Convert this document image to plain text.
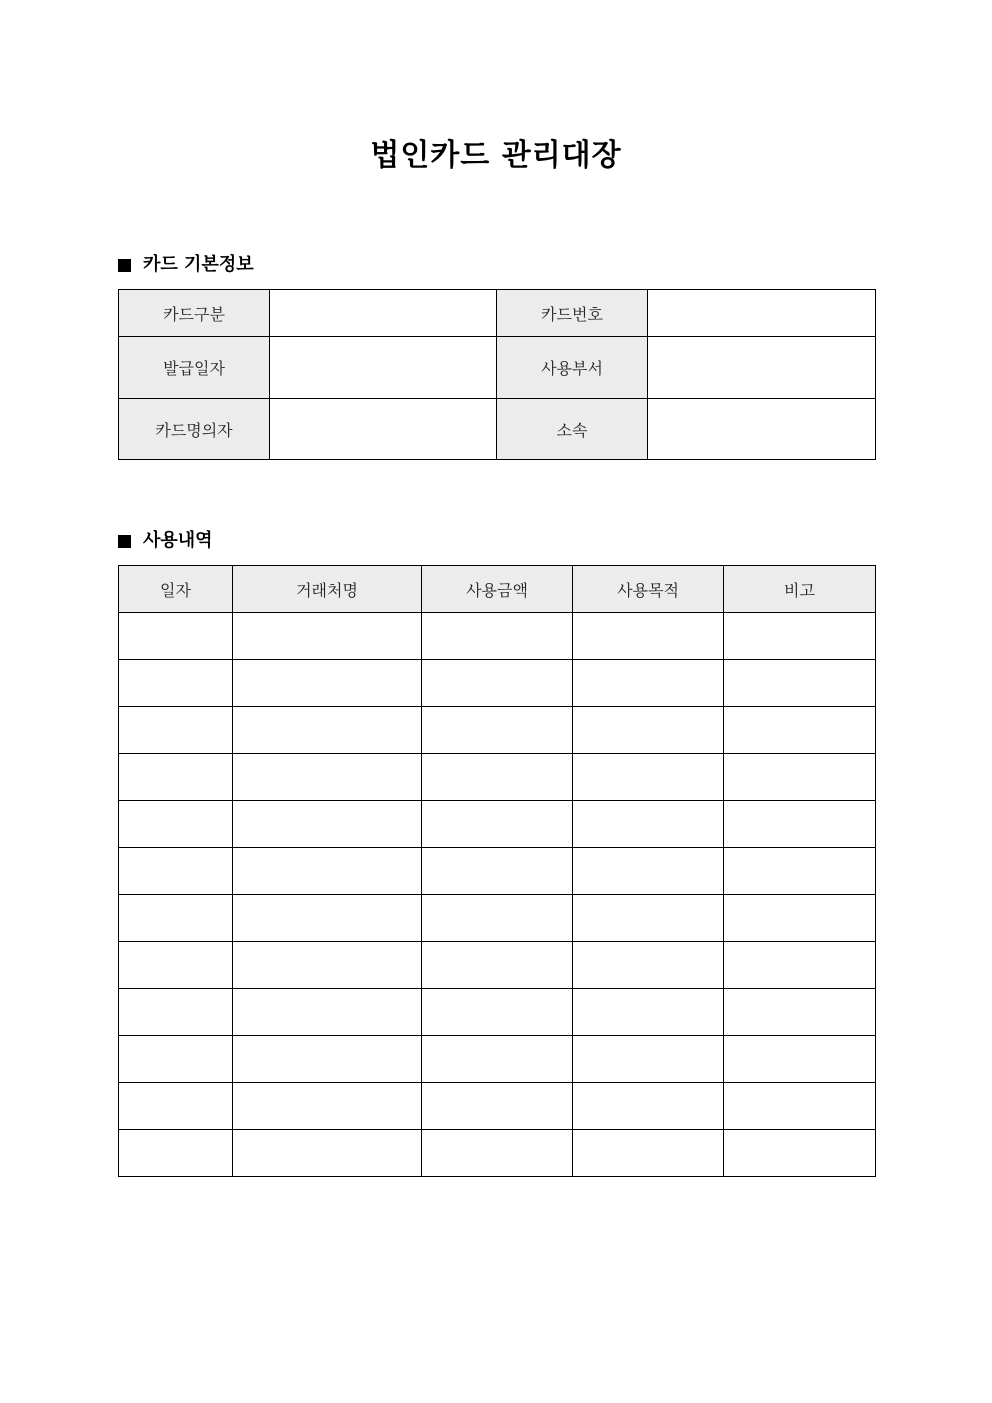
법인카드 관리대장
카드 기본정보
카드구분		카드번호	
발급일자		사용부서	
카드명의자		소속	
사용내역
일자	거래처명	사용금액	사용목적	비고
